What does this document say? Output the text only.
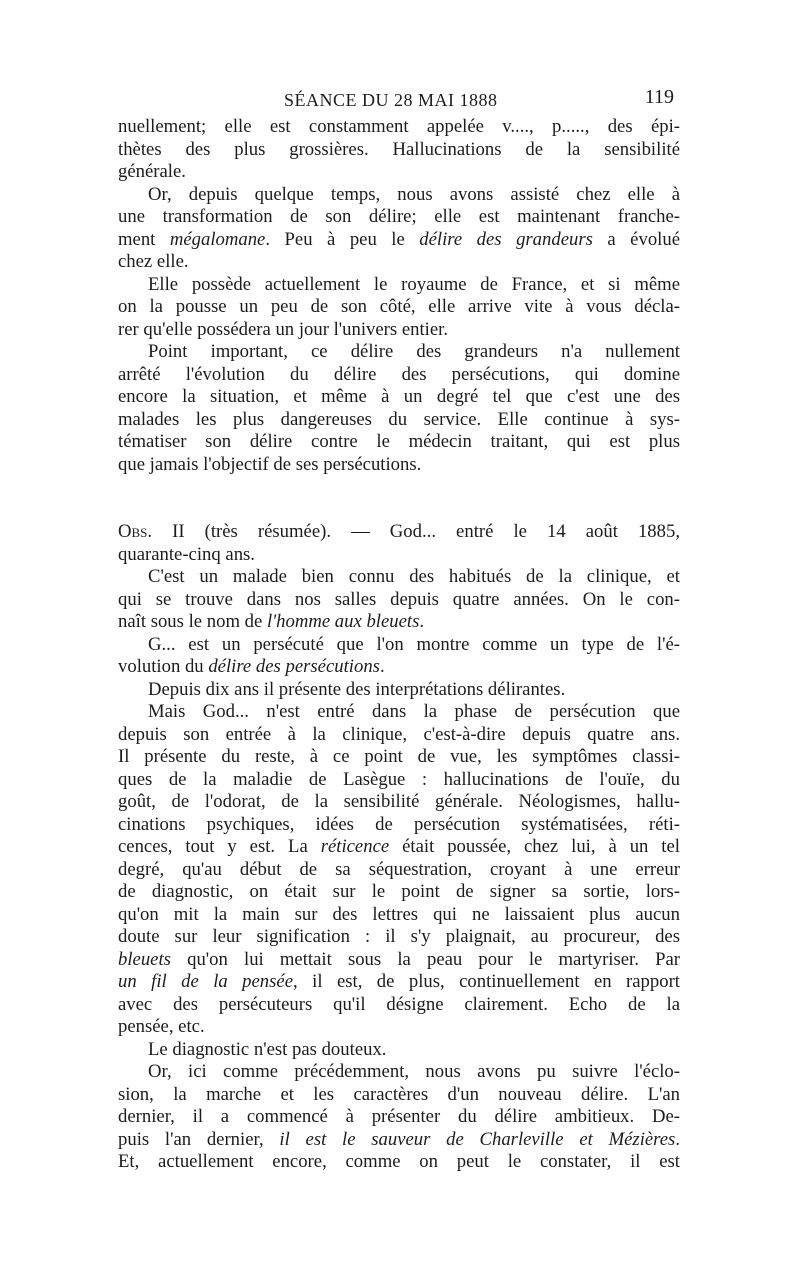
SÉANCE DU 28 MAI 1888	119
nuellement; elle est constamment appelée v...., p....., des épi-
thètes des plus grossières. Hallucinations de la sensibilité
générale.
Or, depuis quelque temps, nous avons assisté chez elle à
une transformation de son délire; elle est maintenant franche-
ment mégalomane. Peu à peu le délire des grandeurs a évolué
chez elle.
Elle possède actuellement le royaume de France, et si même
on la pousse un peu de son côté, elle arrive vite à vous décla-
rer qu'elle possédera un jour l'univers entier.
Point important, ce délire des grandeurs n'a nullement
arrêté l'évolution du délire des persécutions, qui domine
encore la situation, et même à un degré tel que c'est une des
malades les plus dangereuses du service. Elle continue à sys-
tématiser son délire contre le médecin traitant, qui est plus
que jamais l'objectif de ses persécutions.
Obs. II (très résumée). — God... entré le 14 août 1885,
quarante-cinq ans.
C'est un malade bien connu des habitués de la clinique, et
qui se trouve dans nos salles depuis quatre années. On le con-
naît sous le nom de l'homme aux bleuets.
G... est un persécuté que l'on montre comme un type de l'é-
volution du délire des persécutions.
Depuis dix ans il présente des interprétations délirantes.
Mais God... n'est entré dans la phase de persécution que
depuis son entrée à la clinique, c'est-à-dire depuis quatre ans.
Il présente du reste, à ce point de vue, les symptômes classi-
ques de la maladie de Lasègue : hallucinations de l'ouïe, du
goût, de l'odorat, de la sensibilité générale. Néologismes, hallu-
cinations psychiques, idées de persécution systématisées, réti-
cences, tout y est. La réticence était poussée, chez lui, à un tel
degré, qu'au début de sa séquestration, croyant à une erreur
de diagnostic, on était sur le point de signer sa sortie, lors-
qu'on mit la main sur des lettres qui ne laissaient plus aucun
doute sur leur signification : il s'y plaignait, au procureur, des
bleuets qu'on lui mettait sous la peau pour le martyriser. Par
un fil de la pensée, il est, de plus, continuellement en rapport
avec des persécuteurs qu'il désigne clairement. Echo de la
pensée, etc.
Le diagnostic n'est pas douteux.
Or, ici comme précédemment, nous avons pu suivre l'éclo-
sion, la marche et les caractères d'un nouveau délire. L'an
dernier, il a commencé à présenter du délire ambitieux. De-
puis l'an dernier, il est le sauveur de Charleville et Mézières.
Et, actuellement encore, comme on peut le constater, il est
